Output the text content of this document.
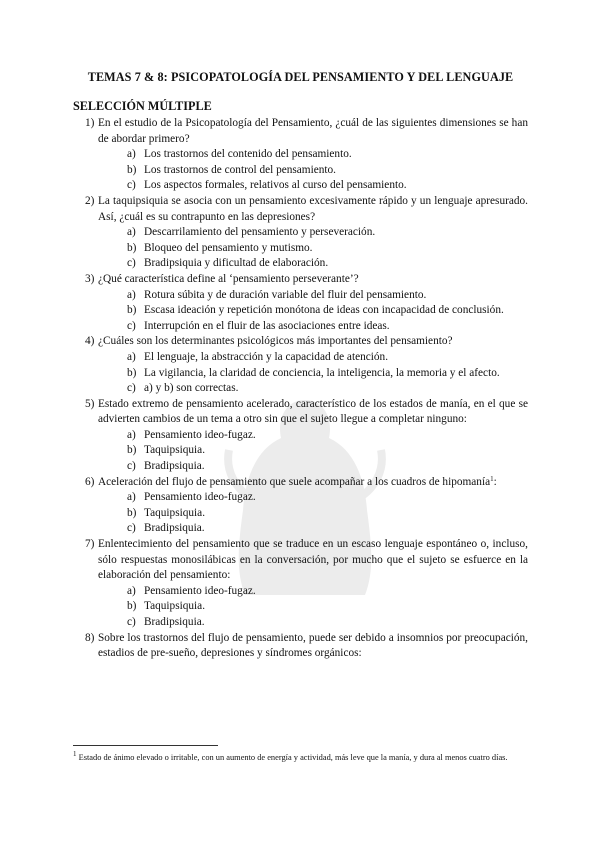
TEMAS 7 & 8: PSICOPATOLOGÍA DEL PENSAMIENTO Y DEL LENGUAJE
SELECCIÓN MÚLTIPLE
1 ) En el estudio de la Psicopatología del Pensamiento, ¿cuál de las siguientes dimensiones se han de abordar primero?
a )	Los trastornos del contenido del pensamiento.
b )	Los trastornos de control del pensamiento.
c )	Los aspectos formales, relativos al curso del pensamiento.
2 ) La taquipsiquia se asocia con un pensamiento excesivamente rápido y un lenguaje apresurado. Así, ¿cuál es su contrapunto en las depresiones?
a )	Descarrilamiento del pensamiento y perseveración.
b )	Bloqueo del pensamiento y mutismo.
c )	Bradipsiquia y dificultad de elaboración.
3 ) ¿Qué característica define al ‘pensamiento perseverante’?
a )	Rotura súbita y de duración variable del fluir del pensamiento.
b )	Escasa ideación y repetición monótona de ideas con incapacidad de conclusión.
c )	Interrupción en el fluir de las asociaciones entre ideas.
4 ) ¿Cuáles son los determinantes psicológicos más importantes del pensamiento?
a )	El lenguaje, la abstracción y la capacidad de atención.
b )	La vigilancia, la claridad de conciencia, la inteligencia, la memoria y el afecto.
c )	a) y b) son correctas.
5 ) Estado extremo de pensamiento acelerado, característico de los estados de manía, en el que se advierten cambios de un tema a otro sin que el sujeto llegue a completar ninguno:
a )	Pensamiento ideo-fugaz.
b )	Taquipsiquia.
c )	Bradipsiquia.
6 ) Aceleración del flujo de pensamiento que suele acompañar a los cuadros de hipomanía$^1$:
a )	Pensamiento ideo-fugaz.
b )	Taquipsiquia.
c )	Bradipsiquia.
7 ) Enlentecimiento del pensamiento que se traduce en un escaso lenguaje espontáneo o, incluso, sólo respuestas monosilábicas en la conversación, por mucho que el sujeto se esfuerce en la elaboración del pensamiento:
a )	Pensamiento ideo-fugaz.
b )	Taquipsiquia.
c )	Bradipsiquia.
8 ) Sobre los trastornos del flujo de pensamiento, puede ser debido a insomnios por preocupación, estadios de pre-sueño, depresiones y síndromes orgánicos:
$^1$ Estado de ánimo elevado o irritable, con un aumento de energía y actividad, más leve que la manía, y dura al menos cuatro días.
